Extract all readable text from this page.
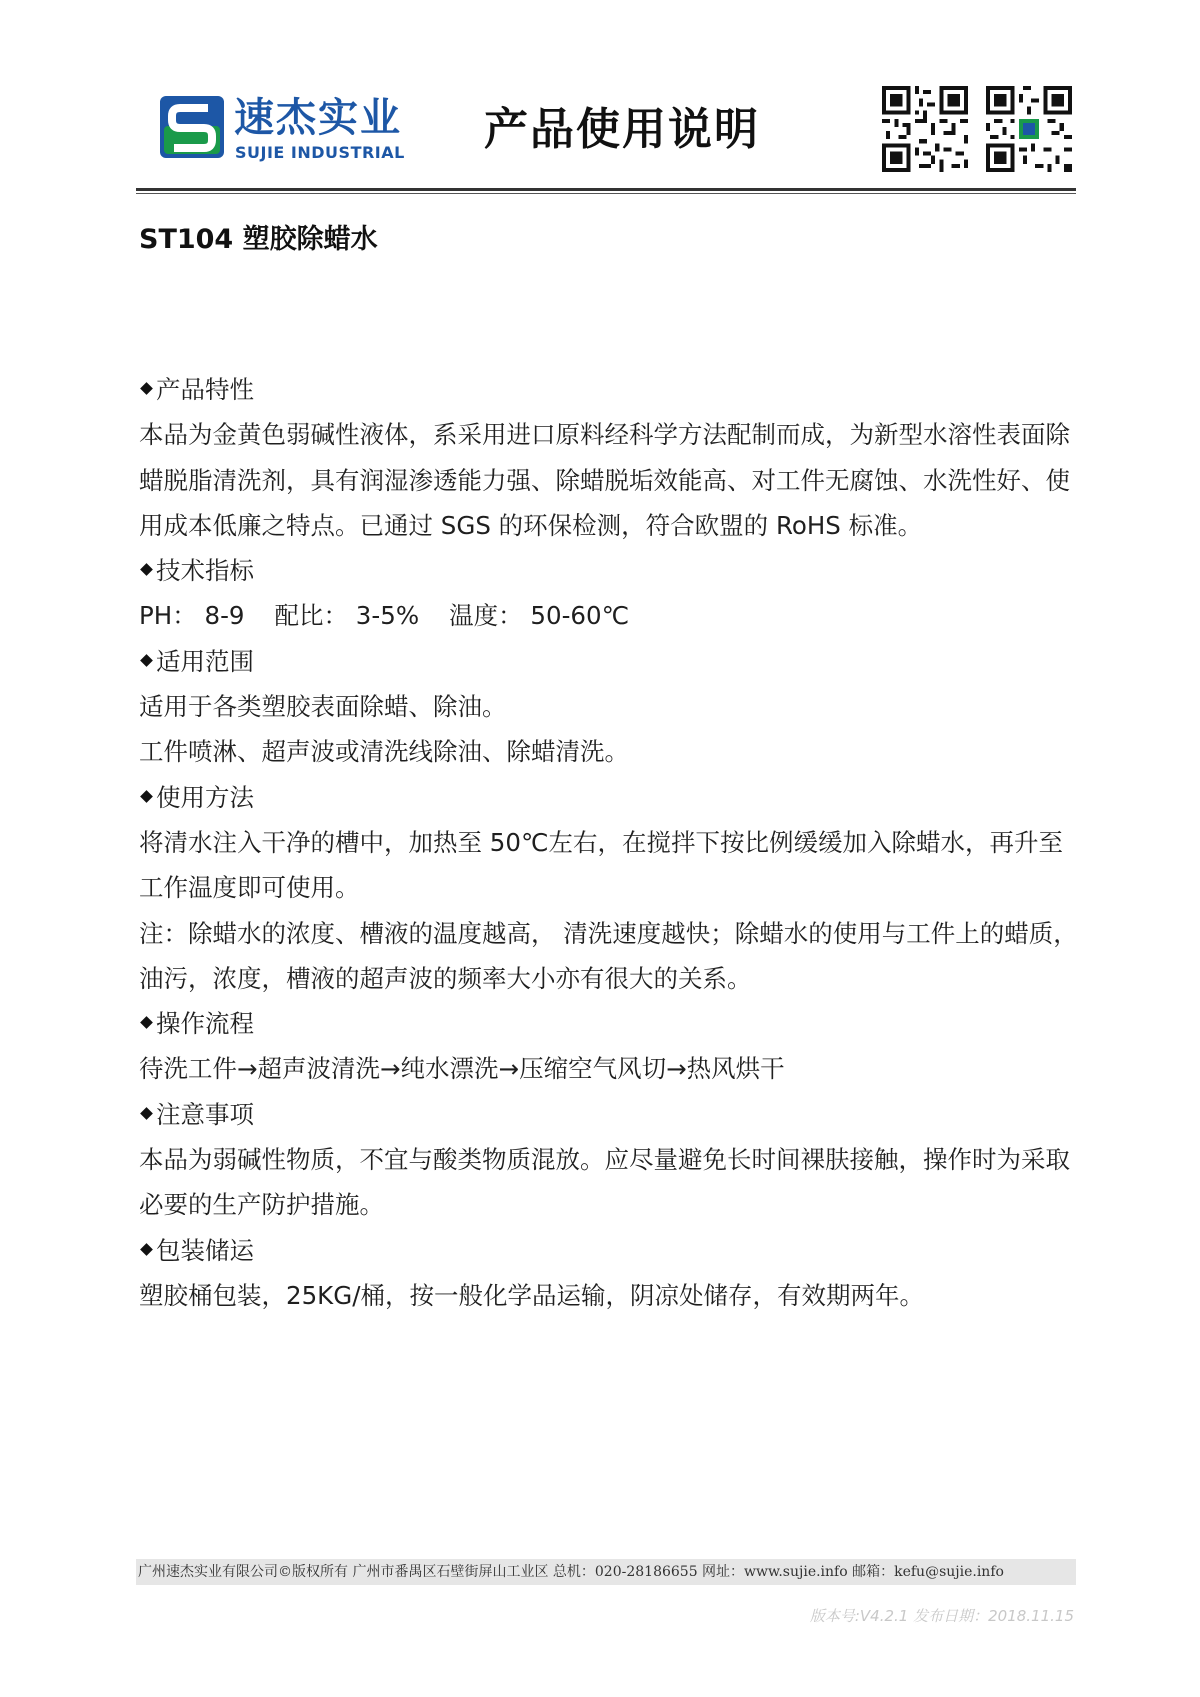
速杰实业
SUJIE INDUSTRIAL 产品使用说明
ST104 塑胶除蜡水

产品特性

本品为金黄色弱碱性液体，系采用进口原料经科学方法配制而成，为新型水溶性表面除蜡脱脂清洗剂，具有润湿渗透能力强、除蜡脱垢效能高、对工件无腐蚀、水洗性好、使用成本低廉之特点。已通过 SGS 的环保检测，符合欧盟的 RoHS 标准。

技术指标

PH： 8-9 配比： 3-5% 温度： 50-60℃

适用范围

适用于各类塑胶表面除蜡、除油。

工件喷淋、超声波或清洗线除油、除蜡清洗。

使用方法

将清水注入干净的槽中，加热至 50℃左右，在搅拌下按比例缓缓加入除蜡水，再升至工作温度即可使用。

注：除蜡水的浓度、槽液的温度越高， 清洗速度越快；除蜡水的使用与工件上的蜡质，油污，浓度，槽液的超声波的频率大小亦有很大的关系。

操作流程

待洗工件→超声波清洗→纯水漂洗→压缩空气风切→热风烘干

注意事项

本品为弱碱性物质，不宜与酸类物质混放。应尽量避免长时间裸肤接触，操作时为采取必要的生产防护措施。

包装储运

塑胶桶包装，25KG/桶，按一般化学品运输，阴凉处储存，有效期两年。

广州速杰实业有限公司©版权所有 广州市番禺区石壁街屏山工业区 总机：020-28186655 网址：www.sujie.info 邮箱：kefu@sujie.info
版本号:V4.2.1 发布日期：2018.11.15
